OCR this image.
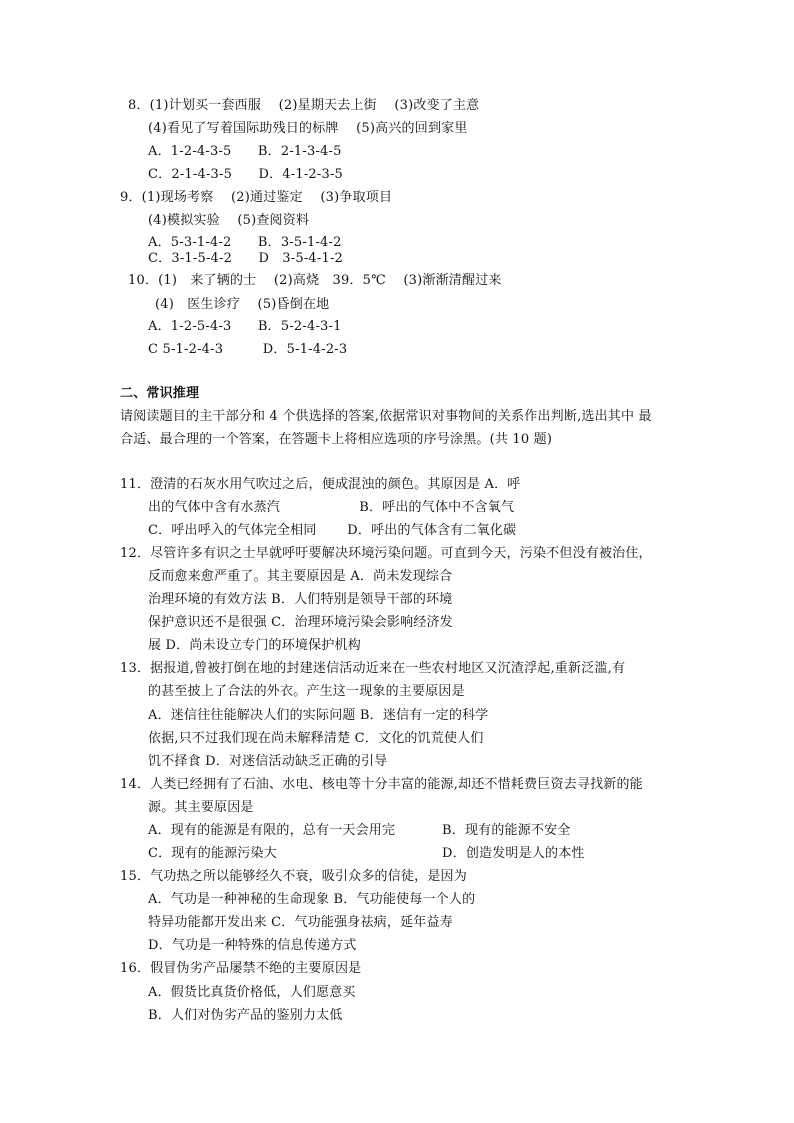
8．(1)计划买一套西服　 (2)星期天去上街　 (3)改变了主意
(4)看见了写着国际助残日的标牌　 (5)高兴的回到家里
A．1-2-4-3-5　　B．2-1-3-4-5
C．2-1-4-3-5　　D．4-1-2-3-5
9．(1)现场考察　 (2)通过鉴定　 (3)争取项目
(4)模拟实验　 (5)查阅资料
A．5-3-1-4-2　　B．3-5-1-4-2
C．3-1-5-4-2　　D　3-5-4-1-2
10．(1)　来了辆的士　 (2)高烧　39．5℃　 (3)渐渐清醒过来
(4)　医生诊疗　 (5)昏倒在地
A．1-2-5-4-3　　B．5-2-4-3-1
C 5-1-2-4-3　　　D．5-1-4-2-3
二、常识推理
请阅读题目的主干部分和 4 个供选择的答案,依据常识对事物间的关系作出判断,选出其中 最
合适、最合理的一个答案，在答题卡上将相应选项的序号涂黑。(共 10 题)
11．澄清的石灰水用气吹过之后，便成混浊的颜色。其原因是 A．呼
出的气体中含有水蒸汽　　　　　　B．呼出的气体中不含氧气
C．呼出呼入的气体完全相同　　 D．呼出的气体含有二氧化碳
12．尽管许多有识之士早就呼吁要解决环境污染问题。可直到今天，污染不但没有被治住，
反而愈来愈严重了。其主要原因是 A．尚未发现综合
治理环境的有效方法 B．人们特别是领导干部的环境
保护意识还不是很强 C．治理环境污染会影响经济发
展 D．尚未设立专门的环境保护机构
13．据报道,曾被打倒在地的封建迷信活动近来在一些农村地区又沉渣浮起,重新泛滥,有
的甚至披上了合法的外衣。产生这一现象的主要原因是
A．迷信往往能解决人们的实际问题 B．迷信有一定的科学
依据,只不过我们现在尚未解释清楚 C．文化的饥荒使人们
饥不择食 D．对迷信活动缺乏正确的引导
14．人类已经拥有了石油、水电、核电等十分丰富的能源,却还不惜耗费巨资去寻找新的能
源。其主要原因是
A．现有的能源是有限的，总有一天会用完	B．现有的能源不安全
C．现有的能源污染大	D．创造发明是人的本性
15．气功热之所以能够经久不衰，吸引众多的信徒，是因为
A．气功是一种神秘的生命现象 B．气功能使每一个人的
特异功能都开发出来 C．气功能强身祛病，延年益寿
D．气功是一种特殊的信息传递方式
16．假冒伪劣产品屡禁不绝的主要原因是
A．假货比真货价格低，人们愿意买
B．人们对伪劣产品的鉴别力太低
